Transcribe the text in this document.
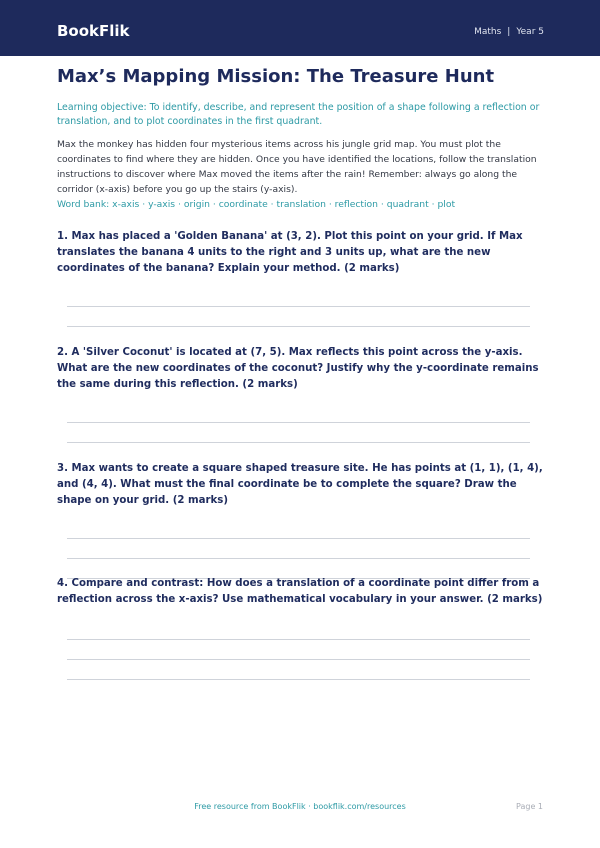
BookFlik	Maths | Year 5
Max’s Mapping Mission: The Treasure Hunt
Learning objective: To identify, describe, and represent the position of a shape following a reflection or translation, and to plot coordinates in the first quadrant.
Max the monkey has hidden four mysterious items across his jungle grid map. You must plot the coordinates to find where they are hidden. Once you have identified the locations, follow the translation instructions to discover where Max moved the items after the rain! Remember: always go along the corridor (x-axis) before you go up the stairs (y-axis).
Word bank: x-axis · y-axis · origin · coordinate · translation · reflection · quadrant · plot
1. Max has placed a 'Golden Banana' at (3, 2). Plot this point on your grid. If Max translates the banana 4 units to the right and 3 units up, what are the new coordinates of the banana? Explain your method. (2 marks)
2. A 'Silver Coconut' is located at (7, 5). Max reflects this point across the y-axis. What are the new coordinates of the coconut? Justify why the y-coordinate remains the same during this reflection. (2 marks)
3. Max wants to create a square shaped treasure site. He has points at (1, 1), (1, 4), and (4, 4). What must the final coordinate be to complete the square? Draw the shape on your grid. (2 marks)
4. Compare and contrast: How does a translation of a coordinate point differ from a reflection across the x-axis? Use mathematical vocabulary in your answer. (2 marks)
Free resource from BookFlik · bookflik.com/resources	Page 1
